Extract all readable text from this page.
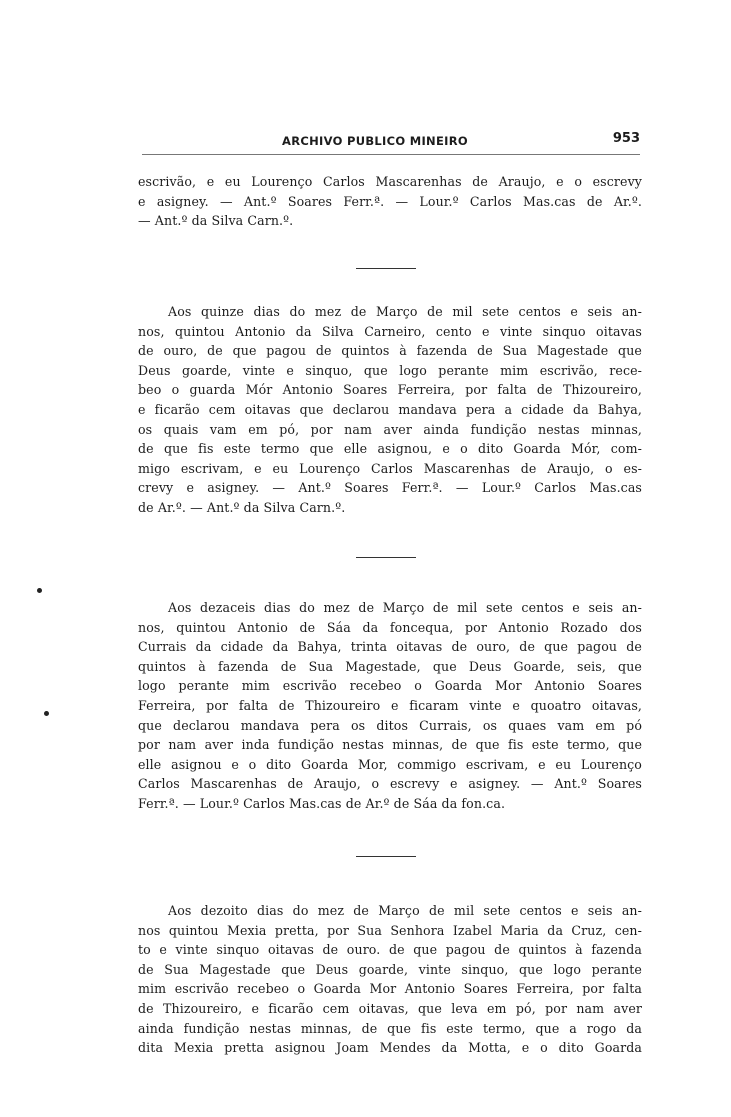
ARCHIVO PUBLICO MINEIRO	953
escrivão, e eu Lourenço Carlos Mascarenhas de Araujo, e o escrevy
e asigney. — Ant.º Soares Ferr.ª. — Lour.º Carlos Mas.cas de Ar.º.
— Ant.º da Silva Carn.º.
Aos quinze dias do mez de Março de mil sete centos e seis an-
nos, quintou Antonio da Silva Carneiro, cento e vinte sinquo oitavas
de ouro, de que pagou de quintos à fazenda de Sua Magestade que
Deus goarde, vinte e sinquo, que logo perante mim escrivão, rece-
beo o guarda Mór Antonio Soares Ferreira, por falta de Thizoureiro,
e ficarão cem oitavas que declarou mandava pera a cidade da Bahya,
os quais vam em pó, por nam aver ainda fundição nestas minnas,
de que fis este termo que elle asignou, e o dito Goarda Mór, com-
migo escrivam, e eu Lourenço Carlos Mascarenhas de Araujo, o es-
crevy e asigney. — Ant.º Soares Ferr.ª. — Lour.º Carlos Mas.cas
de Ar.º. — Ant.º da Silva Carn.º.
Aos dezaceis dias do mez de Março de mil sete centos e seis an-
nos, quintou Antonio de Sáa da foncequa, por Antonio Rozado dos
Currais da cidade da Bahya, trinta oitavas de ouro, de que pagou de
quintos à fazenda de Sua Magestade, que Deus Goarde, seis, que
logo perante mim escrivão recebeo o Goarda Mor Antonio Soares
Ferreira, por falta de Thizoureiro e ficaram vinte e quoatro oitavas,
que declarou mandava pera os ditos Currais, os quaes vam em pó
por nam aver inda fundição nestas minnas, de que fis este termo, que
elle asignou e o dito Goarda Mor, commigo escrivam, e eu Lourenço
Carlos Mascarenhas de Araujo, o escrevy e asigney. — Ant.º Soares
Ferr.ª. — Lour.º Carlos Mas.cas de Ar.º de Sáa da fon.ca.
Aos dezoito dias do mez de Março de mil sete centos e seis an-
nos quintou Mexia pretta, por Sua Senhora Izabel Maria da Cruz, cen-
to e vinte sinquo oitavas de ouro. de que pagou de quintos à fazenda
de Sua Magestade que Deus goarde, vinte sinquo, que logo perante
mim escrivão recebeo o Goarda Mor Antonio Soares Ferreira, por falta
de Thizoureiro, e ficarão cem oitavas, que leva em pó, por nam aver
ainda fundição nestas minnas, de que fis este termo, que a rogo da
dita Mexia pretta asignou Joam Mendes da Motta, e o dito Goarda
